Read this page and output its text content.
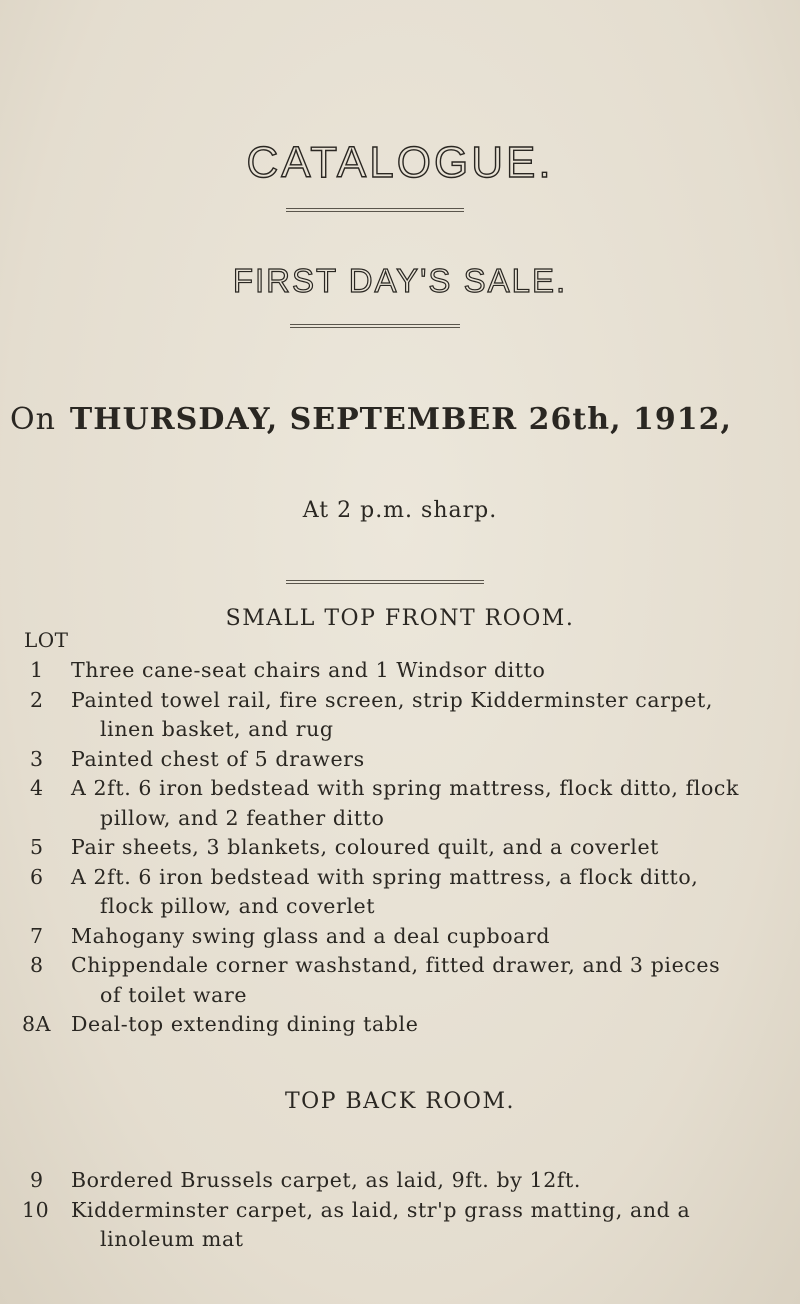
CATALOGUE.
FIRST DAY'S SALE.
On THURSDAY, SEPTEMBER 26th, 1912,
At 2 p.m. sharp.
SMALL TOP FRONT ROOM.
LOT
1	Three cane-seat chairs and 1 Windsor ditto
2	Painted towel rail, fire screen, strip Kidderminster carpet,
linen basket, and rug
3	Painted chest of 5 drawers
4	A 2ft. 6 iron bedstead with spring mattress, flock ditto, flock
pillow, and 2 feather ditto
5	Pair sheets, 3 blankets, coloured quilt, and a coverlet
6	A 2ft. 6 iron bedstead with spring mattress, a flock ditto,
flock pillow, and coverlet
7	Mahogany swing glass and a deal cupboard
8	Chippendale corner washstand, fitted drawer, and 3 pieces
of toilet ware
8A Deal-top extending dining table
TOP BACK ROOM.
9	Bordered Brussels carpet, as laid, 9ft. by 12ft.
10	Kidderminster carpet, as laid, str'p grass matting, and a
linoleum mat
